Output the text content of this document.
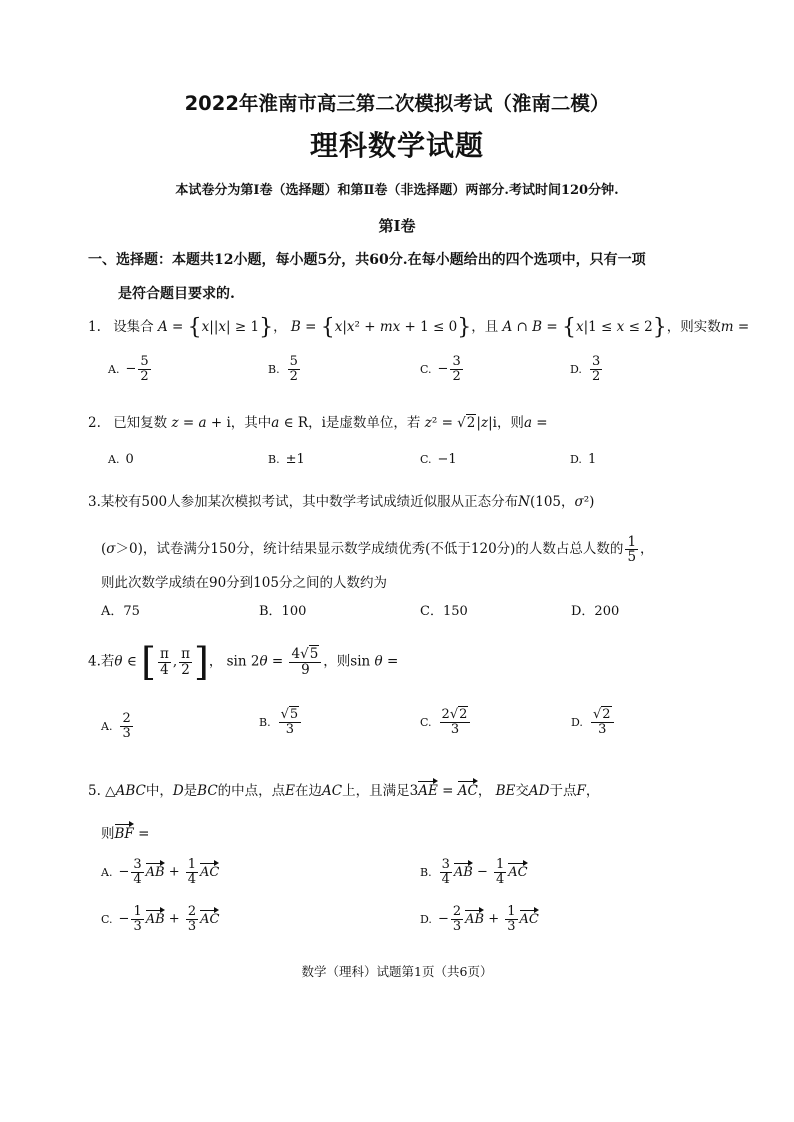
2022年淮南市高三第二次模拟考试（淮南二模）
理科数学试题
本试卷分为第Ⅰ卷（选择题）和第Ⅱ卷（非选择题）两部分.考试时间120分钟.
第Ⅰ卷
一、选择题：本题共12小题，每小题5分，共60分.在每小题给出的四个选项中，只有一项
是符合题目要求的.
1. 设集合 A = {x||x| ≥ 1}， B = {x|x² + mx + 1 ≤ 0}，且 A ∩ B = {x|1 ≤ x ≤ 2}，则实数m =
A. − $\frac{5}{2}$	B. $\frac{5}{2}$	C. − $\frac{3}{2}$	D. $\frac{3}{2}$
2. 已知复数 z = a + i，其中a ∈ R，i是虚数单位，若 z² = √2|z|i，则a =
A. 0	B. ±1	C. −1	D. 1
3.某校有500人参加某次模拟考试，其中数学考试成绩近似服从正态分布N(105，σ²)
(σ＞0)，试卷满分150分，统计结果显示数学成绩优秀(不低于120分)的人数占总人数的 $\frac{1}{5}$ ，
则此次数学成绩在90分到105分之间的人数约为
A．75	B．100	C．150	D．200
4.若θ ∈ [ $\frac{\pi}{4}$ , $\frac{\pi}{2}$ ]， $\sin 2\theta = \frac{4√5}{9}$ ，则sin θ =
A. $\frac{2}{3}$	B. $\frac{√5}{3}$	C. $\frac{2√2}{3}$	D. $\frac{√2}{3}$
5. △ABC中，D是BC的中点，点E在边AC上，且满足3AE = AC， BE交AD于点F，
则BF =
A. − $\frac{3}{4}$ AB + $\frac{1}{4}$ AC	B. $\frac{3}{4}$ AB − $\frac{1}{4}$ AC
C. − $\frac{1}{3}$ AB + $\frac{2}{3}$ AC	D. − $\frac{2}{3}$ AB + $\frac{1}{3}$ AC
数学（理科）试题第1页（共6页）
